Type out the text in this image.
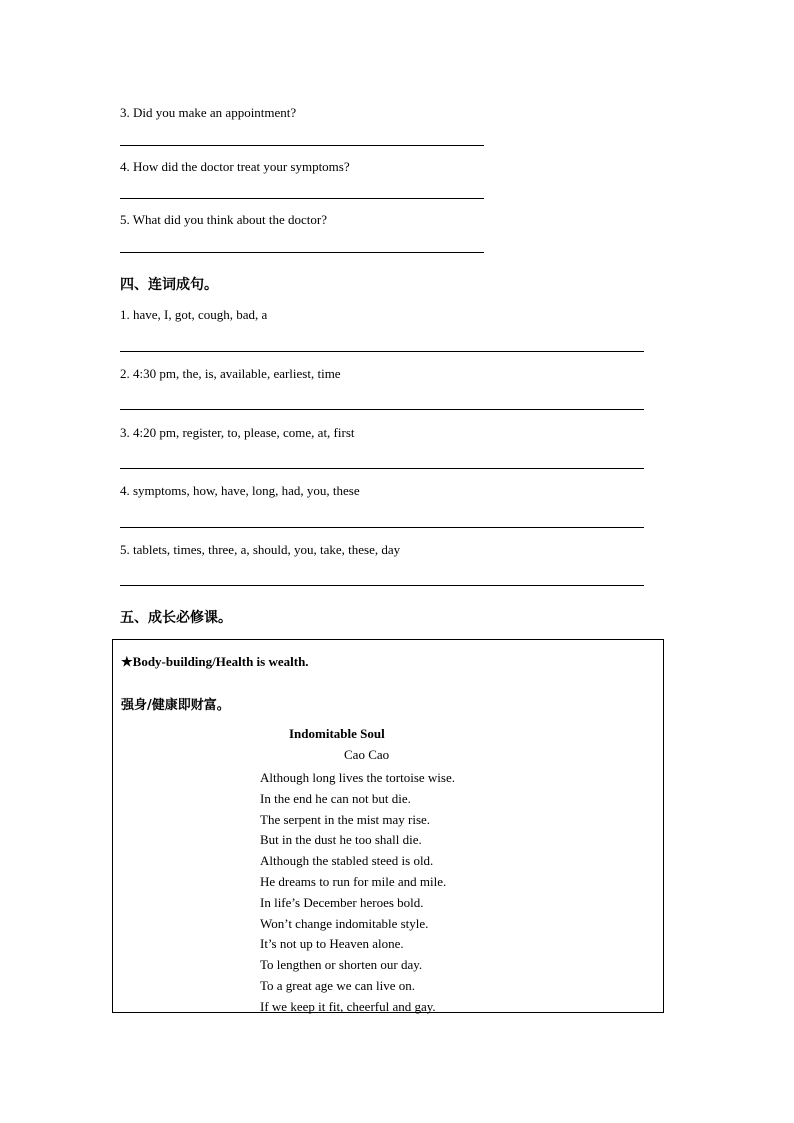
3. Did you make an appointment?
4. How did the doctor treat your symptoms?
5. What did you think about the doctor?
四、连词成句。
1. have, I, got, cough, bad, a
2. 4:30 pm, the, is, available, earliest, time
3. 4:20 pm, register, to, please, come, at, first
4. symptoms, how, have, long, had, you, these
5. tablets, times, three, a, should, you, take, these, day
五、成长必修课。
★Body-building/Health is wealth.
强身/健康即财富。
Indomitable Soul
Cao Cao
Although long lives the tortoise wise.
In the end he can not but die.
The serpent in the mist may rise.
But in the dust he too shall die.
Although the stabled steed is old.
He dreams to run for mile and mile.
In life’s December heroes bold.
Won’t change indomitable style.
It’s not up to Heaven alone.
To lengthen or shorten our day.
To a great age we can live on.
If we keep it fit, cheerful and gay.
